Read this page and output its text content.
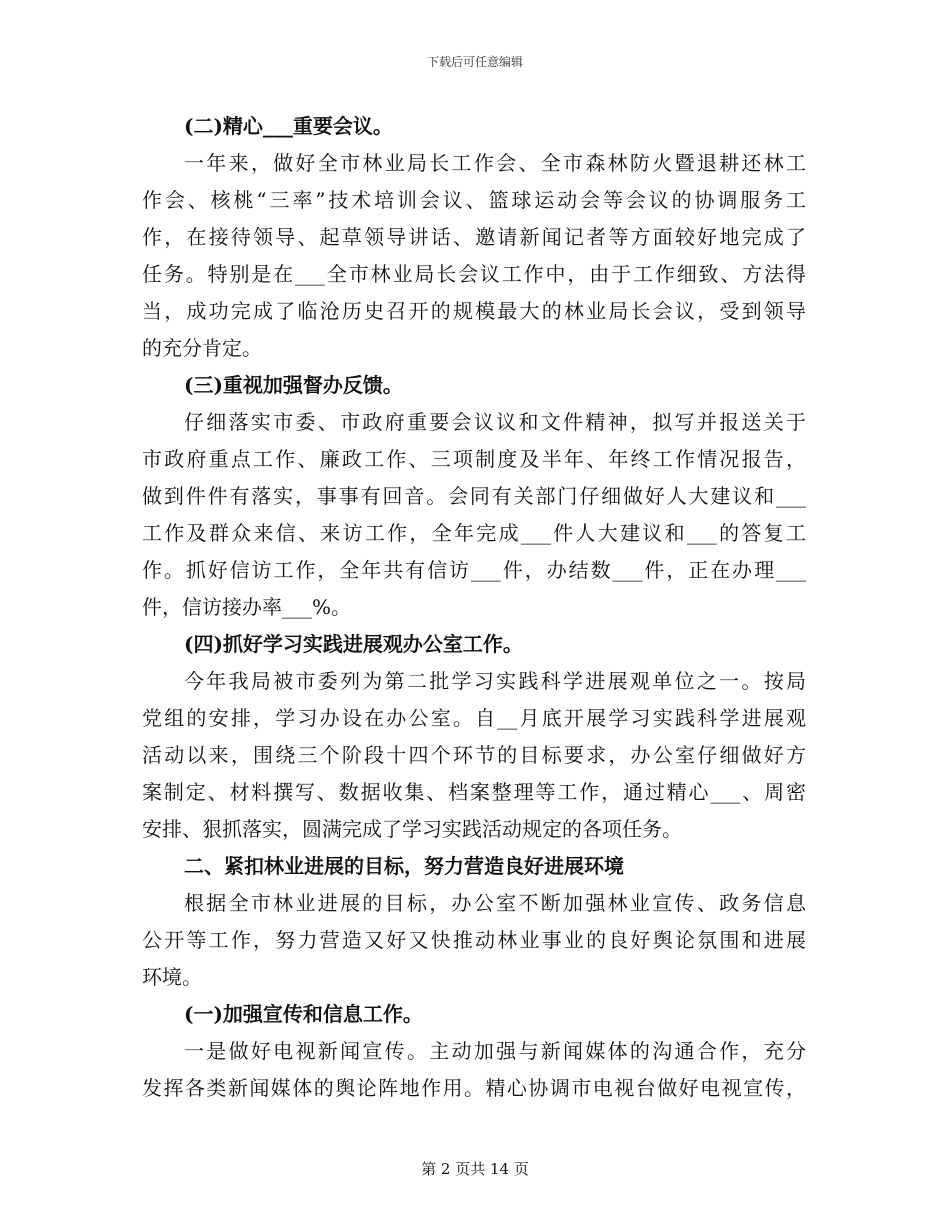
下载后可任意编辑
(二)精心___重要会议。
一年来，做好全市林业局长工作会、全市森林防火暨退耕还林工
作会、核桃“三率”技术培训会议、篮球运动会等会议的协调服务工
作，在接待领导、起草领导讲话、邀请新闻记者等方面较好地完成了
任务。特别是在___全市林业局长会议工作中，由于工作细致、方法得
当，成功完成了临沧历史召开的规模最大的林业局长会议，受到领导
的充分肯定。
(三)重视加强督办反馈。
仔细落实市委、市政府重要会议议和文件精神，拟写并报送关于
市政府重点工作、廉政工作、三项制度及半年、年终工作情况报告，
做到件件有落实，事事有回音。会同有关部门仔细做好人大建议和___
工作及群众来信、来访工作，全年完成___件人大建议和___的答复工
作。抓好信访工作，全年共有信访___件，办结数___件，正在办理___
件，信访接办率___%。
(四)抓好学习实践进展观办公室工作。
今年我局被市委列为第二批学习实践科学进展观单位之一。按局
党组的安排，学习办设在办公室。自__月底开展学习实践科学进展观
活动以来，围绕三个阶段十四个环节的目标要求，办公室仔细做好方
案制定、材料撰写、数据收集、档案整理等工作，通过精心___、周密
安排、狠抓落实，圆满完成了学习实践活动规定的各项任务。
二、紧扣林业进展的目标，努力营造良好进展环境
根据全市林业进展的目标，办公室不断加强林业宣传、政务信息
公开等工作，努力营造又好又快推动林业事业的良好舆论氛围和进展
环境。
(一)加强宣传和信息工作。
一是做好电视新闻宣传。主动加强与新闻媒体的沟通合作，充分
发挥各类新闻媒体的舆论阵地作用。精心协调市电视台做好电视宣传，
第 2 页共 14 页
